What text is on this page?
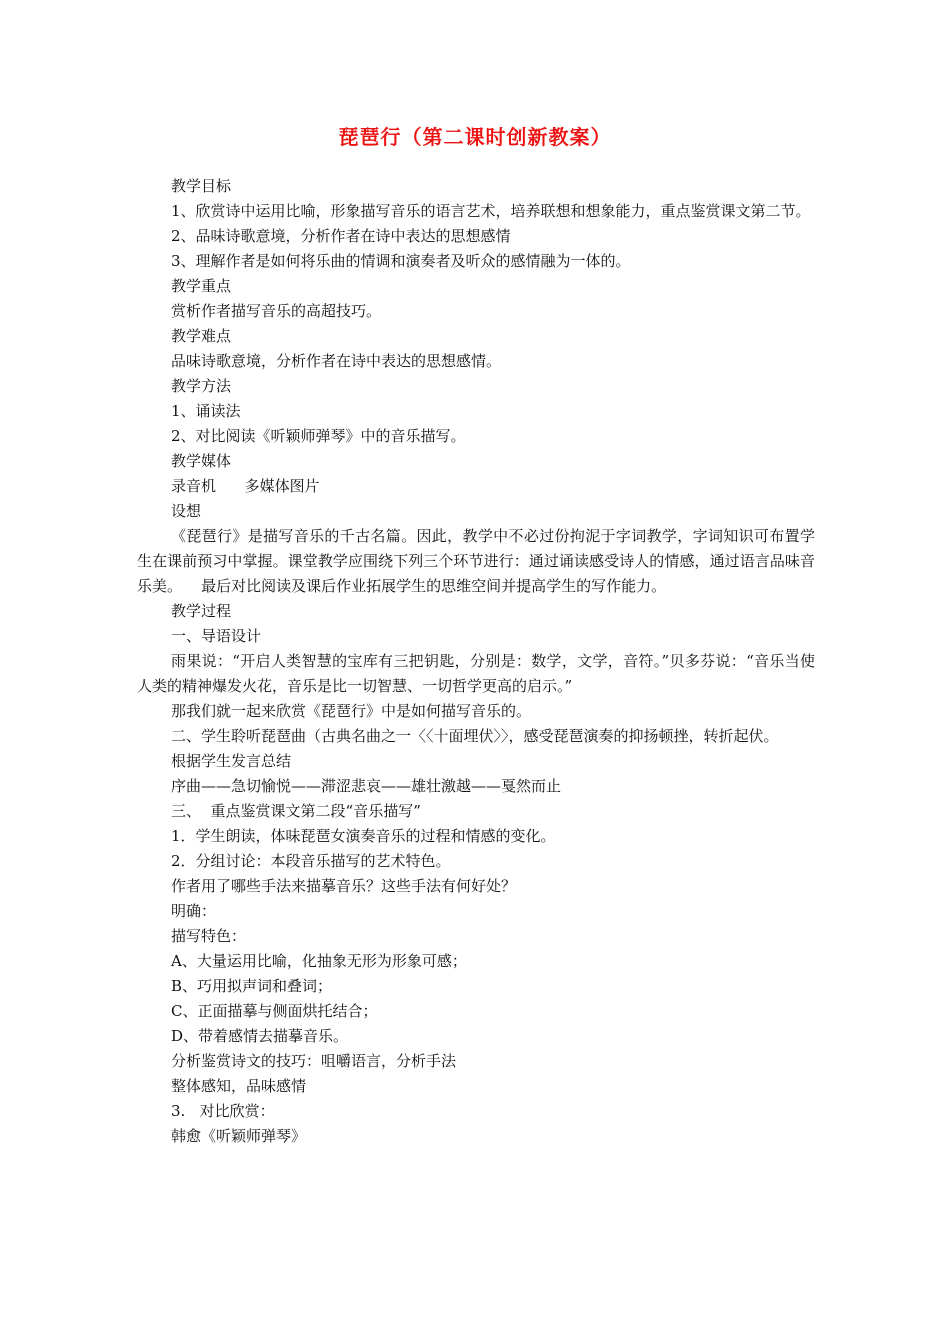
琵琶行（第二课时创新教案）

教学目标

1、欣赏诗中运用比喻，形象描写音乐的语言艺术，培养联想和想象能力，重点鉴赏课文第二节。

2、品味诗歌意境，分析作者在诗中表达的思想感情

3、理解作者是如何将乐曲的情调和演奏者及听众的感情融为一体的。

教学重点

赏析作者描写音乐的高超技巧。

教学难点

品味诗歌意境，分析作者在诗中表达的思想感情。

教学方法

1、诵读法

2、对比阅读《听颖师弹琴》中的音乐描写。

教学媒体

录音机      多媒体图片

设想

《琵琶行》是描写音乐的千古名篇。因此，教学中不必过份拘泥于字词教学，字词知识可布置学生在课前预习中掌握。课堂教学应围绕下列三个环节进行：通过诵读感受诗人的情感，通过语言品味音乐美。    最后对比阅读及课后作业拓展学生的思维空间并提高学生的写作能力。

教学过程

一、导语设计

雨果说：“开启人类智慧的宝库有三把钥匙，分别是：数学，文学，音符。”贝多芬说：“音乐当使人类的精神爆发火花，音乐是比一切智慧、一切哲学更高的启示。”

那我们就一起来欣赏《琵琶行》中是如何描写音乐的。

二、学生聆听琵琶曲（古典名曲之一〈〈十面埋伏〉〉，感受琵琶演奏的抑扬顿挫，转折起伏。

根据学生发言总结

序曲——急切愉悦——滞涩悲哀——雄壮激越——戛然而止

三、  重点鉴赏课文第二段“音乐描写”

1．学生朗读，体味琵琶女演奏音乐的过程和情感的变化。

2．分组讨论：本段音乐描写的艺术特色。

作者用了哪些手法来描摹音乐？这些手法有何好处？

明确：

描写特色：

A、大量运用比喻，化抽象无形为形象可感；

B、巧用拟声词和叠词；

C、正面描摹与侧面烘托结合；

D、带着感情去描摹音乐。

分析鉴赏诗文的技巧：咀嚼语言，分析手法

整体感知，品味感情

3.   对比欣赏：

韩愈《听颖师弹琴》
